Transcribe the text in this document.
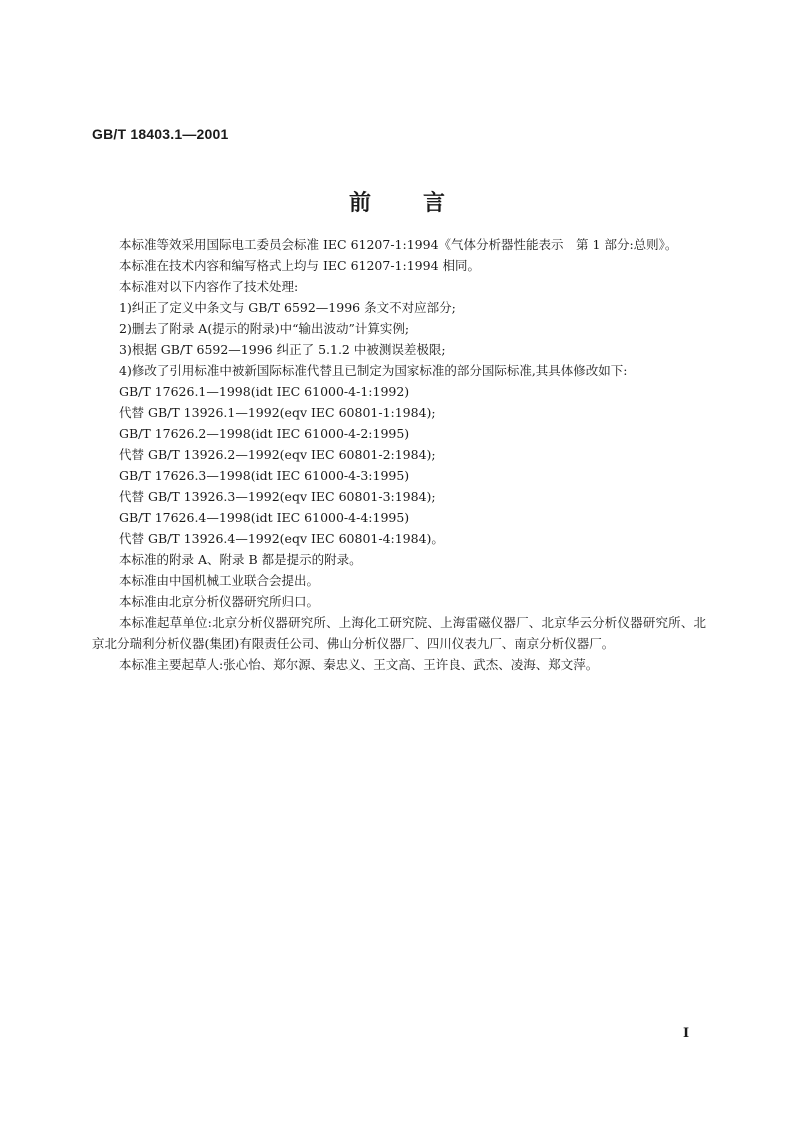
GB/T 18403.1—2001
前言

本标准等效采用国际电工委员会标准 IEC 61207-1:1994《气体分析器性能表示　第 1 部分:总则》。

本标准在技术内容和编写格式上均与 IEC 61207-1:1994 相同。

本标准对以下内容作了技术处理:

1)纠正了定义中条文与 GB/T 6592—1996 条文不对应部分;

2)删去了附录 A(提示的附录)中“输出波动”计算实例;

3)根据 GB/T 6592—1996 纠正了 5.1.2 中被测误差极限;

4)修改了引用标准中被新国际标准代替且已制定为国家标准的部分国际标准,其具体修改如下:

GB/T 17626.1—1998(idt IEC 61000-4-1:1992)

代替 GB/T 13926.1—1992(eqv IEC 60801-1:1984);

GB/T 17626.2—1998(idt IEC 61000-4-2:1995)

代替 GB/T 13926.2—1992(eqv IEC 60801-2:1984);

GB/T 17626.3—1998(idt IEC 61000-4-3:1995)

代替 GB/T 13926.3—1992(eqv IEC 60801-3:1984);

GB/T 17626.4—1998(idt IEC 61000-4-4:1995)

代替 GB/T 13926.4—1992(eqv IEC 60801-4:1984)。

本标准的附录 A、附录 B 都是提示的附录。

本标准由中国机械工业联合会提出。

本标准由北京分析仪器研究所归口。

本标准起草单位:北京分析仪器研究所、上海化工研究院、上海雷磁仪器厂、北京华云分析仪器研究所、北京北分瑞利分析仪器(集团)有限责任公司、佛山分析仪器厂、四川仪表九厂、南京分析仪器厂。

本标准主要起草人:张心怡、郑尔源、秦忠义、王文高、王许良、武杰、凌海、郑文萍。

Ⅰ
